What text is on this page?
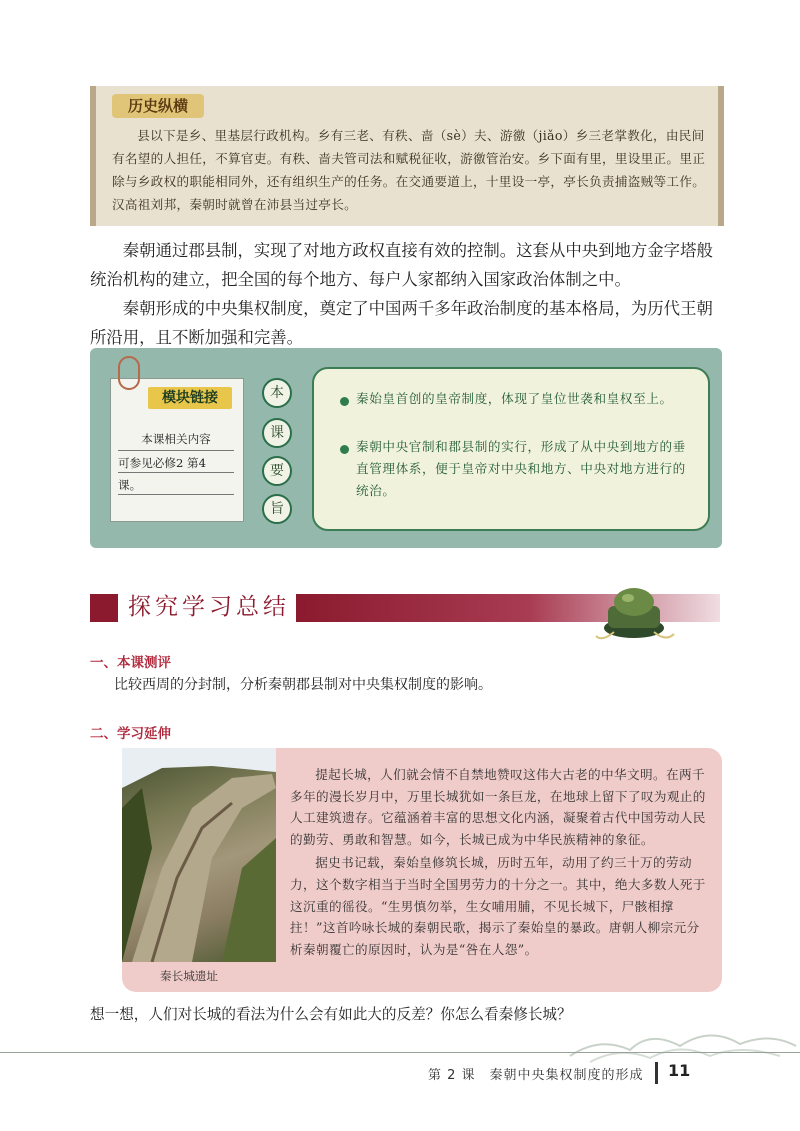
历史纵横
县以下是乡、里基层行政机构。乡有三老、有秩、啬（sè）夫、游徼（jiǎo）乡三老掌教化，由民间有名望的人担任，不算官吏。有秩、啬夫管司法和赋税征收，游徼管治安。乡下面有里，里设里正。里正除与乡政权的职能相同外，还有组织生产的任务。在交通要道上，十里设一亭，亭长负责捕盗贼等工作。汉高祖刘邦，秦朝时就曾在沛县当过亭长。
秦朝通过郡县制，实现了对地方政权直接有效的控制。这套从中央到地方金字塔般统治机构的建立，把全国的每个地方、每户人家都纳入国家政治体制之中。
秦朝形成的中央集权制度，奠定了中国两千多年政治制度的基本格局，为历代王朝所沿用，且不断加强和完善。
模块链接
本课相关内容
可参见必修2 第4
课。
本
课
要
旨
秦始皇首创的皇帝制度，体现了皇位世袭和皇权至上。
秦朝中央官制和郡县制的实行，形成了从中央到地方的垂直管理体系，便于皇帝对中央和地方、中央对地方进行的统治。
探究学习总结
一、本课测评
比较西周的分封制，分析秦朝郡县制对中央集权制度的影响。
二、学习延伸
秦长城遗址

提起长城，人们就会情不自禁地赞叹这伟大古老的中华文明。在两千多年的漫长岁月中，万里长城犹如一条巨龙，在地球上留下了叹为观止的人工建筑遗存。它蕴涵着丰富的思想文化内涵，凝聚着古代中国劳动人民的勤劳、勇敢和智慧。如今，长城已成为中华民族精神的象征。

据史书记载，秦始皇修筑长城，历时五年，动用了约三十万的劳动力，这个数字相当于当时全国男劳力的十分之一。其中，绝大多数人死于这沉重的徭役。“生男慎勿举，生女哺用脯，不见长城下，尸骸相撑拄！”这首吟咏长城的秦朝民歌，揭示了秦始皇的暴政。唐朝人柳宗元分析秦朝覆亡的原因时，认为是“咎在人怨”。

想一想，人们对长城的看法为什么会有如此大的反差？你怎么看秦修长城？
第 2 课　秦朝中央集权制度的形成 11
